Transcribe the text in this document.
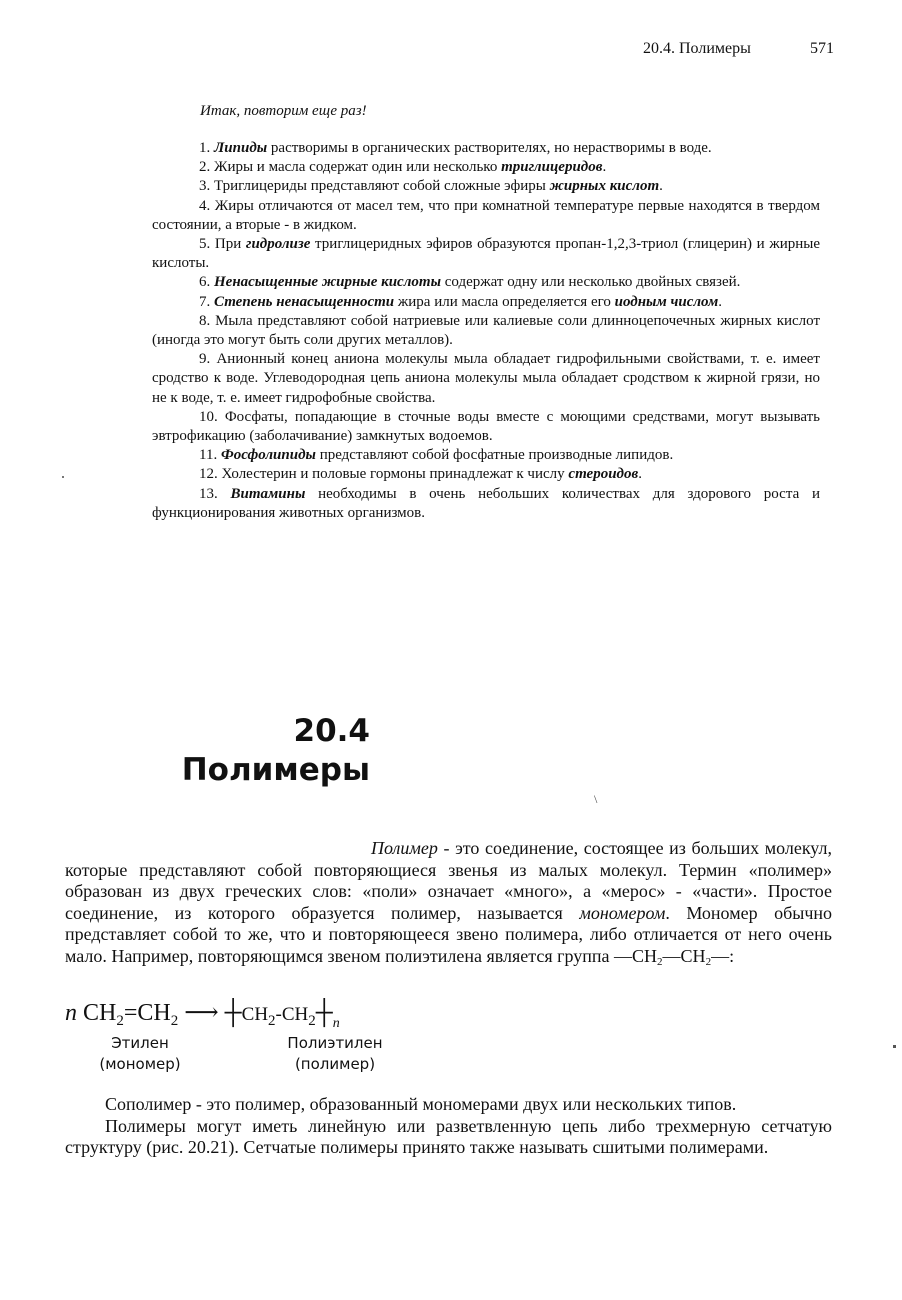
20.4. Полимеры	571
Итак, повторим еще раз!

1. Липиды растворимы в органических растворителях, но нерастворимы в воде.

2. Жиры и масла содержат один или несколько триглицеридов.

3. Триглицериды представляют собой сложные эфиры жирных кислот.

4. Жиры отличаются от масел тем, что при комнатной температуре первые находятся в твердом состоянии, а вторые - в жидком.

5. При гидролизе триглицеридных эфиров образуются пропан-1,2,3-триол (глицерин) и жирные кислоты.

6. Ненасыщенные жирные кислоты содержат одну или несколько двойных связей.

7. Степень ненасыщенности жира или масла определяется его иодным числом.

8. Мыла представляют собой натриевые или калиевые соли длинноцепочечных жирных кислот (иногда это могут быть соли других металлов).

9. Анионный конец аниона молекулы мыла обладает гидрофильными свойствами, т. е. имеет сродство к воде. Углеводородная цепь аниона молекулы мыла обладает сродством к жирной грязи, но не к воде, т. е. имеет гидрофобные свойства.

10. Фосфаты, попадающие в сточные воды вместе с моющими средствами, могут вызывать эвтрофикацию (заболачивание) замкнутых водоемов.

11. Фосфолипиды представляют собой фосфатные производные липидов.

12. Холестерин и половые гормоны принадлежат к числу стероидов.

13. Витамины необходимы в очень небольших количествах для здорового роста и функционирования животных организмов.

20.4
Полимеры
\

Полимер - это соединение, состоящее из больших молекул, которые представляют собой повторяющиеся звенья из малых молекул. Термин «полимер» образован из двух греческих слов: «поли» означает «много», а «мерос» - «части». Простое соединение, из которого образуется полимер, называется мономером. Мономер обычно представляет собой то же, что и повторяющееся звено полимера, либо отличается от него очень мало. Например, повторяющимся звеном полиэтилена является группа $—CH_2—CH_2—$:

n $CH_2=CH_2$ ⟶ $┼CH_2-CH_2┼_n$
Этилен
(мономер)
Полиэтилен
(полимер)

Сополимер - это полимер, образованный мономерами двух или нескольких типов.

Полимеры могут иметь линейную или разветвленную цепь либо трехмерную сетчатую структуру (рис. 20.21). Сетчатые полимеры принято также называть сшитыми полимерами.
